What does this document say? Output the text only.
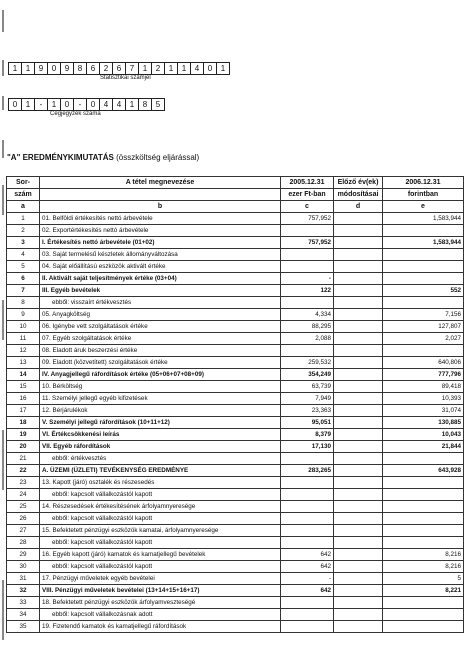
1	1	9	0	9	8	6	2	6	7	1	2	1	1	4	0	1
Statisztikai számjel
0	1	-	1	0	-	0	4	4	1	8	5
Cégjegyzék száma
"A" EREDMÉNYKIMUTATÁS (összköltség eljárással)
Sor-	A tétel megnevezése	2005.12.31	Előző év(ek)	2006.12.31
szám		ezer Ft-ban	módosításai	forintban
a	b	c	d	e
1	01. Belföldi értékesítés nettó árbevétele	757,952		1,583,944
2	02. Exportértékesítés nettó árbevétele			
3	I. Értékesítés nettó árbevétele (01+02)	757,952		1,583,944
4	03. Saját termelésű készletek állományváltozása			
5	04. Saját előállítású eszközök aktivált értéke			
6	II. Aktivált saját teljesítmények értéke (03+04)	-		
7	III. Egyéb bevételek	122		552
8	ebből: visszaírt értékvesztés			
9	05. Anyagköltség	4,334		7,156
10	06. Igénybe vett szolgáltatások értéke	88,295		127,807
11	07. Egyéb szolgáltatások értéke	2,088		2,027
12	08. Eladott áruk beszerzési értéke			
13	09. Eladott (közvetített) szolgáltatások értéke	259,532		640,806
14	IV. Anyagjellegű ráfordítások értéke (05+06+07+08+09)	354,249		777,796
15	10. Bérköltség	63,739		89,418
16	11. Személyi jellegű egyéb kifizetések	7,949		10,393
17	12. Bérjárulékok	23,363		31,074
18	V. Személyi jellegű ráfordítások (10+11+12)	95,051		130,885
19	VI. Értékcsökkenési leírás	8,379		10,043
20	VII. Egyéb ráfordítások	17,130		21,844
21	ebből: értékvesztés			
22	A. ÜZEMI (ÜZLETI) TEVÉKENYSÉG EREDMÉNYE	283,265		643,928
23	13. Kapott (járó) osztalék és részesedés			
24	ebből: kapcsolt vállalkozástól kapott			
25	14. Részesedések értékesítésének árfolyamnyeresége			
26	ebből: kapcsolt vállalkozástól kapott			
27	15. Befektetett pénzügyi eszközök kamatai, árfolyamnyeresége			
28	ebből: kapcsolt vállalkozástól kapott			
29	16. Egyéb kapott (járó) kamatok és kamatjellegű bevételek	642		8,216
30	ebből: kapcsolt vállalkozástól kapott	642		8,216
31	17. Pénzügyi műveletek egyéb bevételei	-		5
32	VIII. Pénzügyi műveletek bevételei (13+14+15+16+17)	642		8,221
33	18. Befektetett pénzügyi eszközök árfolyamveszteségé			
34	ebből: kapcsolt vállalkozásnak adott			
35	19. Fizetendő kamatok és kamatjellegű ráfordítások			
